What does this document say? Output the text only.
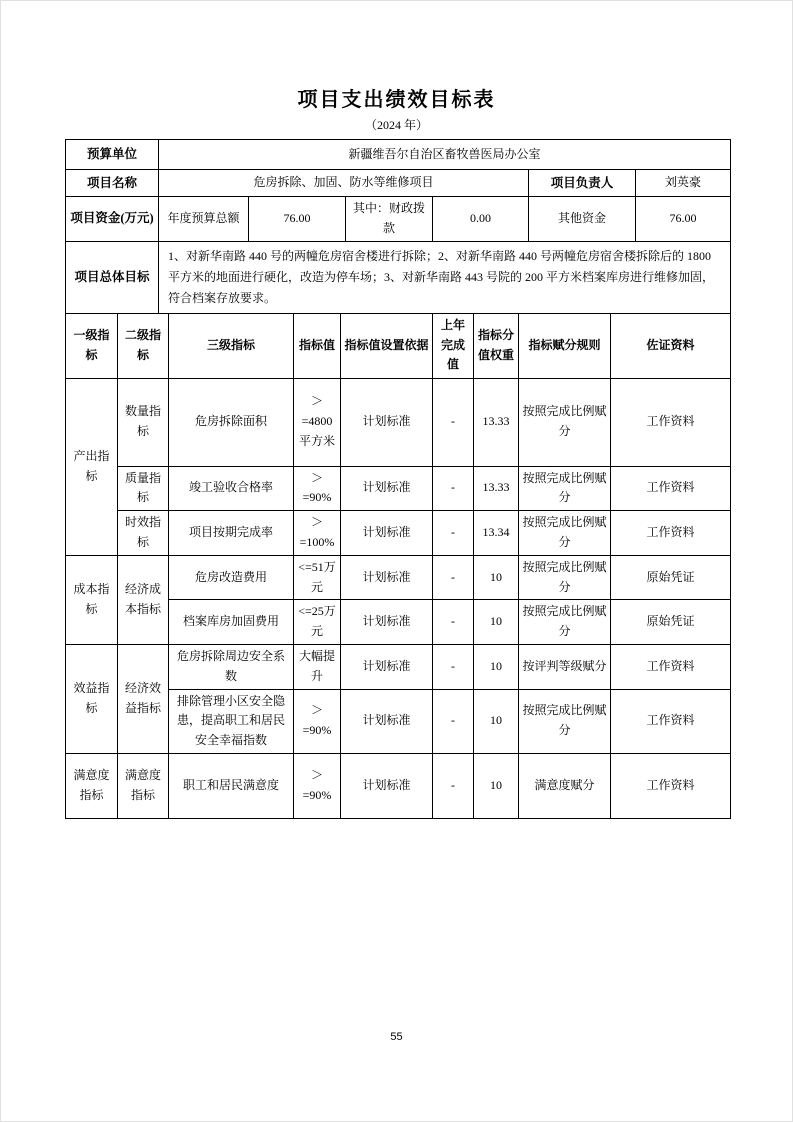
项目支出绩效目标表
（2024 年）
预算单位	新疆维吾尔自治区畜牧兽医局办公室					
项目名称	危房拆除、加固、防水等维修项目				项目负责人	刘英豪
项目资金(万元)	年度预算总额	76.00	其中：财政拨款	0.00	其他资金	76.00
项目总体目标	1、对新华南路 440 号的两幢危房宿舍楼进行拆除；2、对新华南路 440 号两幢危房宿舍楼拆除后的 1800 平方米的地面进行硬化，改造为停车场；3、对新华南路 443 号院的 200 平方米档案库房进行维修加固，符合档案存放要求。					
一级指标	二级指标	三级指标	指标值	指标值设置依据	上年完成值	指标分值权重	指标赋分规则	佐证资料
产出指标	数量指标	危房拆除面积	＞=4800平方米	计划标准	-	13.33	按照完成比例赋分	工作资料
	质量指标	竣工验收合格率	＞=90%	计划标准	-	13.33	按照完成比例赋分	工作资料
	时效指标	项目按期完成率	＞=100%	计划标准	-	13.34	按照完成比例赋分	工作资料
成本指标	经济成本指标	危房改造费用	<=51万元	计划标准	-	10	按照完成比例赋分	原始凭证
		档案库房加固费用	<=25万元	计划标准	-	10	按照完成比例赋分	原始凭证
效益指标	经济效益指标	危房拆除周边安全系数	大幅提升	计划标准	-	10	按评判等级赋分	工作资料
		排除管理小区安全隐患，提高职工和居民安全幸福指数	＞=90%	计划标准	-	10	按照完成比例赋分	工作资料
满意度指标	满意度指标	职工和居民满意度	＞=90%	计划标准	-	10	满意度赋分	工作资料
55
